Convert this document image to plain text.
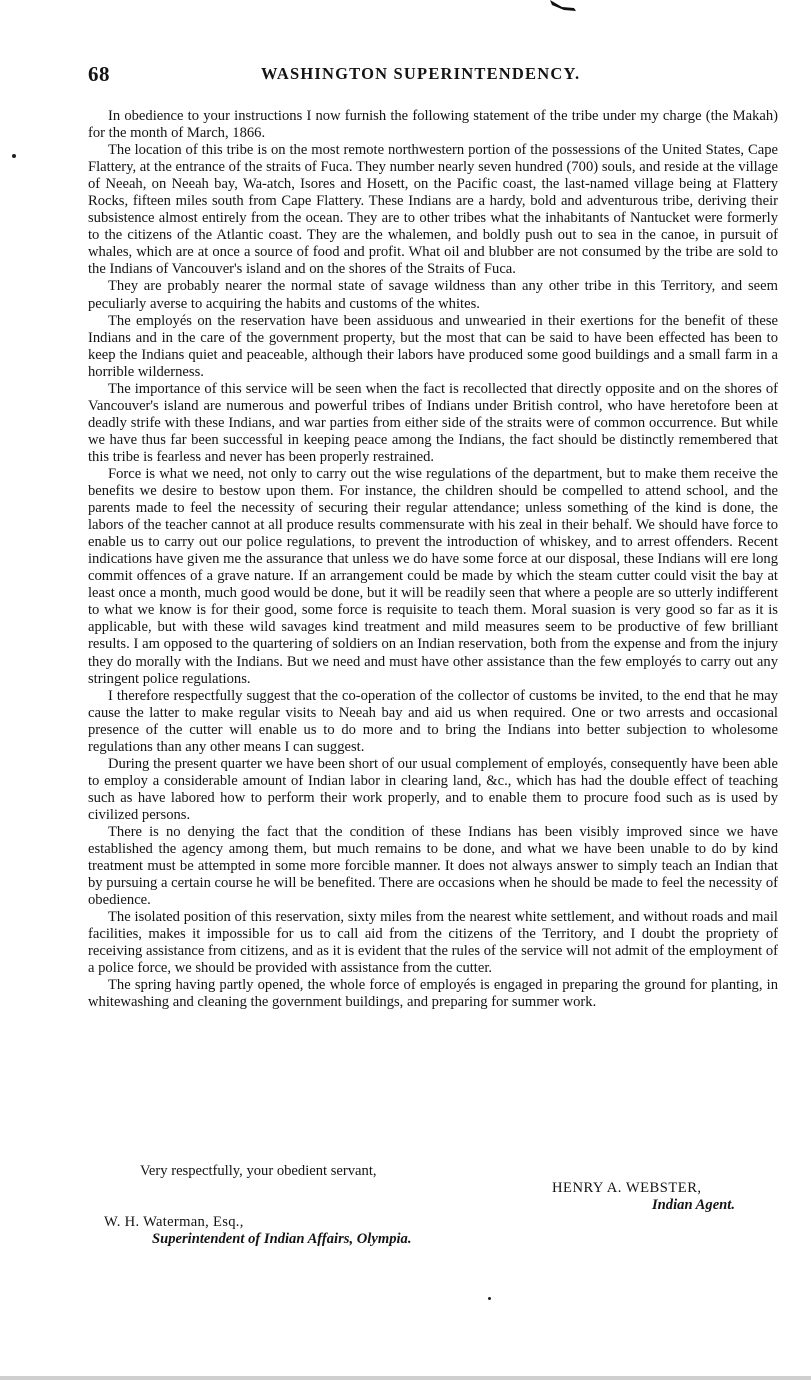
68	WASHINGTON SUPERINTENDENCY.

In obedience to your instructions I now furnish the following statement of the tribe under my charge (the Makah) for the month of March, 1866.

The location of this tribe is on the most remote northwestern portion of the possessions of the United States, Cape Flattery, at the entrance of the straits of Fuca. They number nearly seven hundred (700) souls, and reside at the village of Neeah, on Neeah bay, Wa-atch, Isores and Hosett, on the Pacific coast, the last-named village being at Flattery Rocks, fifteen miles south from Cape Flattery. These Indians are a hardy, bold and adventurous tribe, deriving their subsistence almost entirely from the ocean. They are to other tribes what the inhabitants of Nantucket were formerly to the citizens of the Atlantic coast. They are the whalemen, and boldly push out to sea in the canoe, in pursuit of whales, which are at once a source of food and profit. What oil and blubber are not consumed by the tribe are sold to the Indians of Vancouver's island and on the shores of the Straits of Fuca.

They are probably nearer the normal state of savage wildness than any other tribe in this Territory, and seem peculiarly averse to acquiring the habits and customs of the whites.

The employés on the reservation have been assiduous and unwearied in their exertions for the benefit of these Indians and in the care of the government property, but the most that can be said to have been effected has been to keep the Indians quiet and peaceable, although their labors have produced some good buildings and a small farm in a horrible wilderness.

The importance of this service will be seen when the fact is recollected that directly opposite and on the shores of Vancouver's island are numerous and powerful tribes of Indians under British control, who have heretofore been at deadly strife with these Indians, and war parties from either side of the straits were of common occurrence. But while we have thus far been successful in keeping peace among the Indians, the fact should be distinctly remembered that this tribe is fearless and never has been properly restrained.

Force is what we need, not only to carry out the wise regulations of the department, but to make them receive the benefits we desire to bestow upon them. For instance, the children should be compelled to attend school, and the parents made to feel the necessity of securing their regular attendance; unless something of the kind is done, the labors of the teacher cannot at all produce results commensurate with his zeal in their behalf. We should have force to enable us to carry out our police regulations, to prevent the introduction of whiskey, and to arrest offenders. Recent indications have given me the assurance that unless we do have some force at our disposal, these Indians will ere long commit offences of a grave nature. If an arrangement could be made by which the steam cutter could visit the bay at least once a month, much good would be done, but it will be readily seen that where a people are so utterly indifferent to what we know is for their good, some force is requisite to teach them. Moral suasion is very good so far as it is applicable, but with these wild savages kind treatment and mild measures seem to be productive of few brilliant results. I am opposed to the quartering of soldiers on an Indian reservation, both from the expense and from the injury they do morally with the Indians. But we need and must have other assistance than the few employés to carry out any stringent police regulations.

I therefore respectfully suggest that the co-operation of the collector of customs be invited, to the end that he may cause the latter to make regular visits to Neeah bay and aid us when required. One or two arrests and occasional presence of the cutter will enable us to do more and to bring the Indians into better subjection to wholesome regulations than any other means I can suggest.

During the present quarter we have been short of our usual complement of employés, consequently have been able to employ a considerable amount of Indian labor in clearing land, &c., which has had the double effect of teaching such as have labored how to perform their work properly, and to enable them to procure food such as is used by civilized persons.

There is no denying the fact that the condition of these Indians has been visibly improved since we have established the agency among them, but much remains to be done, and what we have been unable to do by kind treatment must be attempted in some more forcible manner. It does not always answer to simply teach an Indian that by pursuing a certain course he will be benefited. There are occasions when he should be made to feel the necessity of obedience.

The isolated position of this reservation, sixty miles from the nearest white settlement, and without roads and mail facilities, makes it impossible for us to call aid from the citizens of the Territory, and I doubt the propriety of receiving assistance from citizens, and as it is evident that the rules of the service will not admit of the employment of a police force, we should be provided with assistance from the cutter.

The spring having partly opened, the whole force of employés is engaged in preparing the ground for planting, in whitewashing and cleaning the government buildings, and preparing for summer work.

Very respectfully, your obedient servant,
HENRY A. WEBSTER,
Indian Agent.
W. H. Waterman, Esq.,
Superintendent of Indian Affairs, Olympia.
